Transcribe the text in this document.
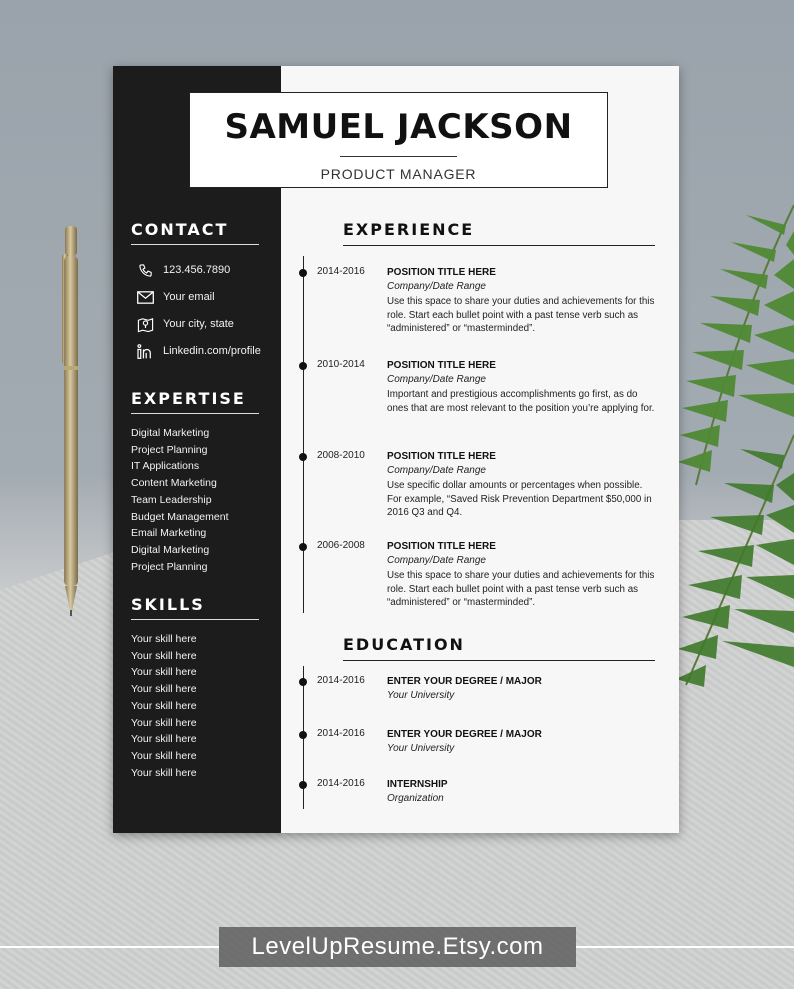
SAMUEL JACKSON
PRODUCT MANAGER
CONTACT
123.456.7890
Your email
Your city, state
Linkedin.com/profile
EXPERTISE
Digital Marketing
Project Planning
IT Applications
Content Marketing
Team Leadership
Budget Management
Email Marketing
Digital Marketing
Project Planning
SKILLS
Your skill here
Your skill here
Your skill here
Your skill here
Your skill here
Your skill here
Your skill here
Your skill here
Your skill here
EXPERIENCE
2014-2016 POSITION TITLE HERE
Company/Date Range
Use this space to share your duties and achievements for this role. Start each bullet point with a past tense verb such as “administered” or “masterminded”.
2010-2014 POSITION TITLE HERE
Company/Date Range
Important and prestigious accomplishments go first, as do ones that are most relevant to the position you’re applying for.
2008-2010 POSITION TITLE HERE
Company/Date Range
Use specific dollar amounts or percentages when possible. For example, “Saved Risk Prevention Department $50,000 in 2016 Q3 and Q4.
2006-2008 POSITION TITLE HERE
Company/Date Range
Use this space to share your duties and achievements for this role. Start each bullet point with a past tense verb such as “administered” or “masterminded”.
EDUCATION
2014-2016 ENTER YOUR DEGREE / MAJOR
Your University
2014-2016 ENTER YOUR DEGREE / MAJOR
Your University
2014-2016 INTERNSHIP
Organization
LevelUpResume.Etsy.com
